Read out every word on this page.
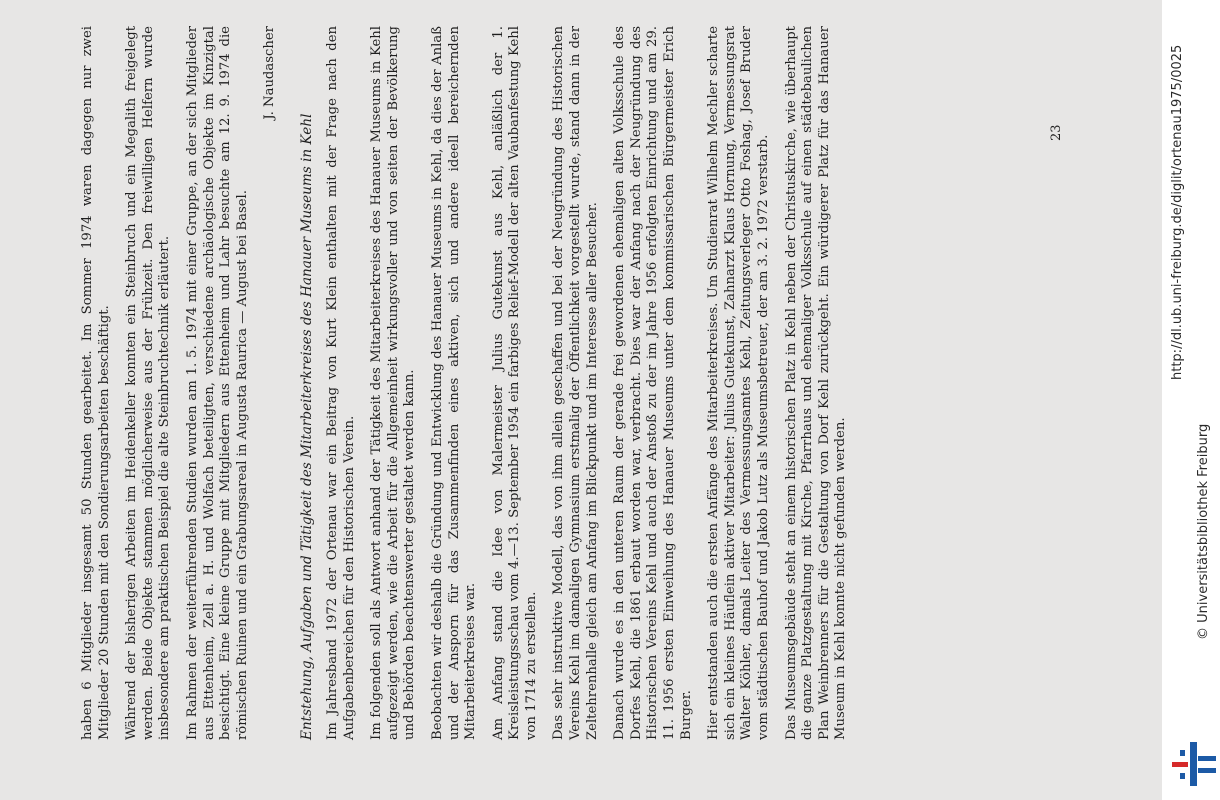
haben 6 Mitglieder insgesamt 50 Stunden gearbeitet. Im Sommer 1974 waren dagegen nur zwei Mitglieder 20 Stunden mit den Sondierungsarbeiten beschäftigt. Während der bisherigen Arbeiten im Heidenkeller konnten ein Steinbruch und ein Megalith freigelegt werden. Beide Objekte stammen möglicherweise aus der Frühzeit. Den freiwilligen Helfern wurde insbesondere am praktischen Beispiel die alte Steinbruchtechnik erläutert. Im Rahmen der weiterführenden Studien wurden am 1. 5. 1974 mit einer Gruppe, an der sich Mitglieder aus Ettenheim, Zell a. H. und Wolfach beteiligten, verschiedene archäologische Objekte im Kinzigtal besichtigt. Eine kleine Gruppe mit Mitgliedern aus Ettenheim und Lahr besuchte am 12. 9. 1974 die römischen Ruinen und ein Grabungsareal in Augusta Raurica — August bei Basel.

J. Naudascher

Entstehung, Aufgaben und Tätigkeit des Mitarbeiterkreises des Hanauer Museums in Kehl Im Jahresband 1972 der Ortenau war ein Beitrag von Kurt Klein enthalten mit der Frage nach den Aufgabenbereichen für den Historischen Verein. Im folgenden soll als Antwort anhand der Tätigkeit des Mitarbeiterkreises des Hanauer Museums in Kehl aufgezeigt werden, wie die Arbeit für die Allgemeinheit wirkungsvoller und von seiten der Bevölkerung und Behörden beachtenswerter gestaltet werden kann. Beobachten wir deshalb die Gründung und Entwicklung des Hanauer Museums in Kehl, da dies der Anlaß und der Ansporn für das Zusammenfinden eines aktiven, sich und andere ideell bereichernden Mitarbeiterkreises war. Am Anfang stand die Idee von Malermeister Julius Gutekunst aus Kehl, anläßlich der 1. Kreisleistungsschau vom 4.—13. September 1954 ein farbiges Relief-Modell der alten Vaubanfestung Kehl von 1714 zu erstellen. Das sehr instruktive Modell, das von ihm allein geschaffen und bei der Neugründung des Historischen Vereins Kehl im damaligen Gymnasium erstmalig der Öffentlichkeit vorgestellt wurde, stand dann in der Zeltehrenhalle gleich am Anfang im Blickpunkt und im Interesse aller Besucher. Danach wurde es in den unteren Raum der gerade frei gewordenen ehemaligen alten Volksschule des Dorfes Kehl, die 1861 erbaut worden war, verbracht. Dies war der Anfang nach der Neugründung des Historischen Vereins Kehl und auch der Anstoß zu der im Jahre 1956 erfolgten Einrichtung und am 29. 11. 1956 ersten Einweihung des Hanauer Museums unter dem kommissarischen Bürgermeister Erich Burger. Hier entstanden auch die ersten Anfänge des Mitarbeiterkreises. Um Studienrat Wilhelm Mechler scharte sich ein kleines Häuflein aktiver Mitarbeiter: Julius Gutekunst, Zahnarzt Klaus Hornung, Vermessungsrat Walter Köhler, damals Leiter des Vermessungsamtes Kehl, Zeitungsverleger Otto Foshag, Josef Bruder vom städtischen Bauhof und Jakob Lutz als Museumsbetreuer, der am 3. 2. 1972 verstarb. Das Museumsgebäude steht an einem historischen Platz in Kehl neben der Christuskirche, wie überhaupt die ganze Platzgestaltung mit Kirche, Pfarrhaus und ehemaliger Volksschule auf einen städtebaulichen Plan Weinbrenners für die Gestaltung von Dorf Kehl zurückgeht. Ein würdigerer Platz für das Hanauer Museum in Kehl konnte nicht gefunden werden.

23	http://dl.ub.uni-freiburg.de/diglit/ortenau1975/0025
© Universitätsbibliothek Freiburg
